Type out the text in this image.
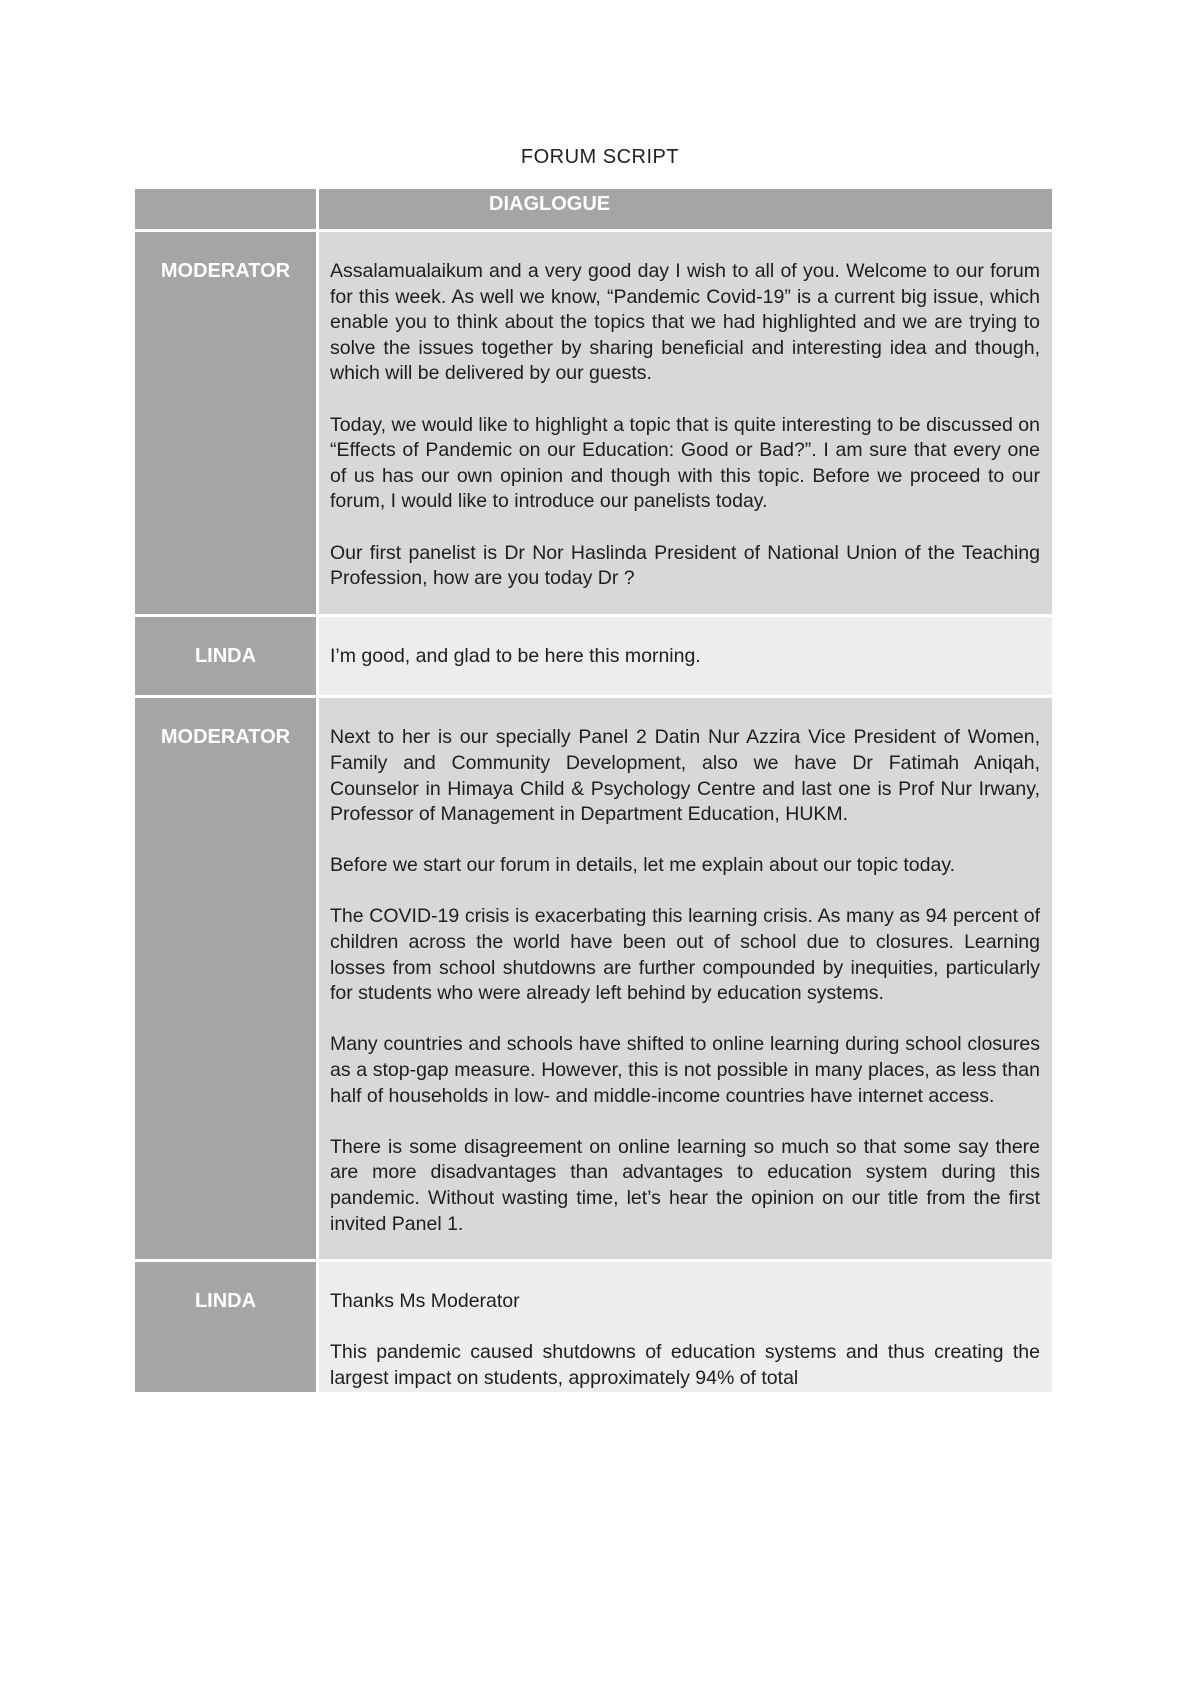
FORUM SCRIPT
DIAGLOGUE
MODERATOR	Assalamualaikum and a very good day I wish to all of you. Welcome to our forum for this week. As well we know, “Pandemic Covid-19” is a current big issue, which enable you to think about the topics that we had highlighted and we are trying to solve the issues together by sharing beneficial and interesting idea and though, which will be delivered by our guests.

Today, we would like to highlight a topic that is quite interesting to be discussed on “Effects of Pandemic on our Education: Good or Bad?”. I am sure that every one of us has our own opinion and though with this topic. Before we proceed to our forum, I would like to introduce our panelists today.

Our first panelist is Dr Nor Haslinda President of National Union of the Teaching Profession, how are you today Dr ?

LINDA	I’m good, and glad to be here this morning.

MODERATOR	Next to her is our specially Panel 2 Datin Nur Azzira Vice President of Women, Family and Community Development, also we have Dr Fatimah Aniqah, Counselor in Himaya Child & Psychology Centre and last one is Prof Nur Irwany, Professor of Management in Department Education, HUKM.

Before we start our forum in details, let me explain about our topic today.

The COVID-19 crisis is exacerbating this learning crisis. As many as 94 percent of children across the world have been out of school due to closures. Learning losses from school shutdowns are further compounded by inequities, particularly for students who were already left behind by education systems.

Many countries and schools have shifted to online learning during school closures as a stop-gap measure. However, this is not possible in many places, as less than half of households in low- and middle-income countries have internet access.

There is some disagreement on online learning so much so that some say there are more disadvantages than advantages to education system during this pandemic. Without wasting time, let’s hear the opinion on our title from the first invited Panel 1.

LINDA	Thanks Ms Moderator

This pandemic caused shutdowns of education systems and thus creating the largest impact on students, approximately 94% of total
